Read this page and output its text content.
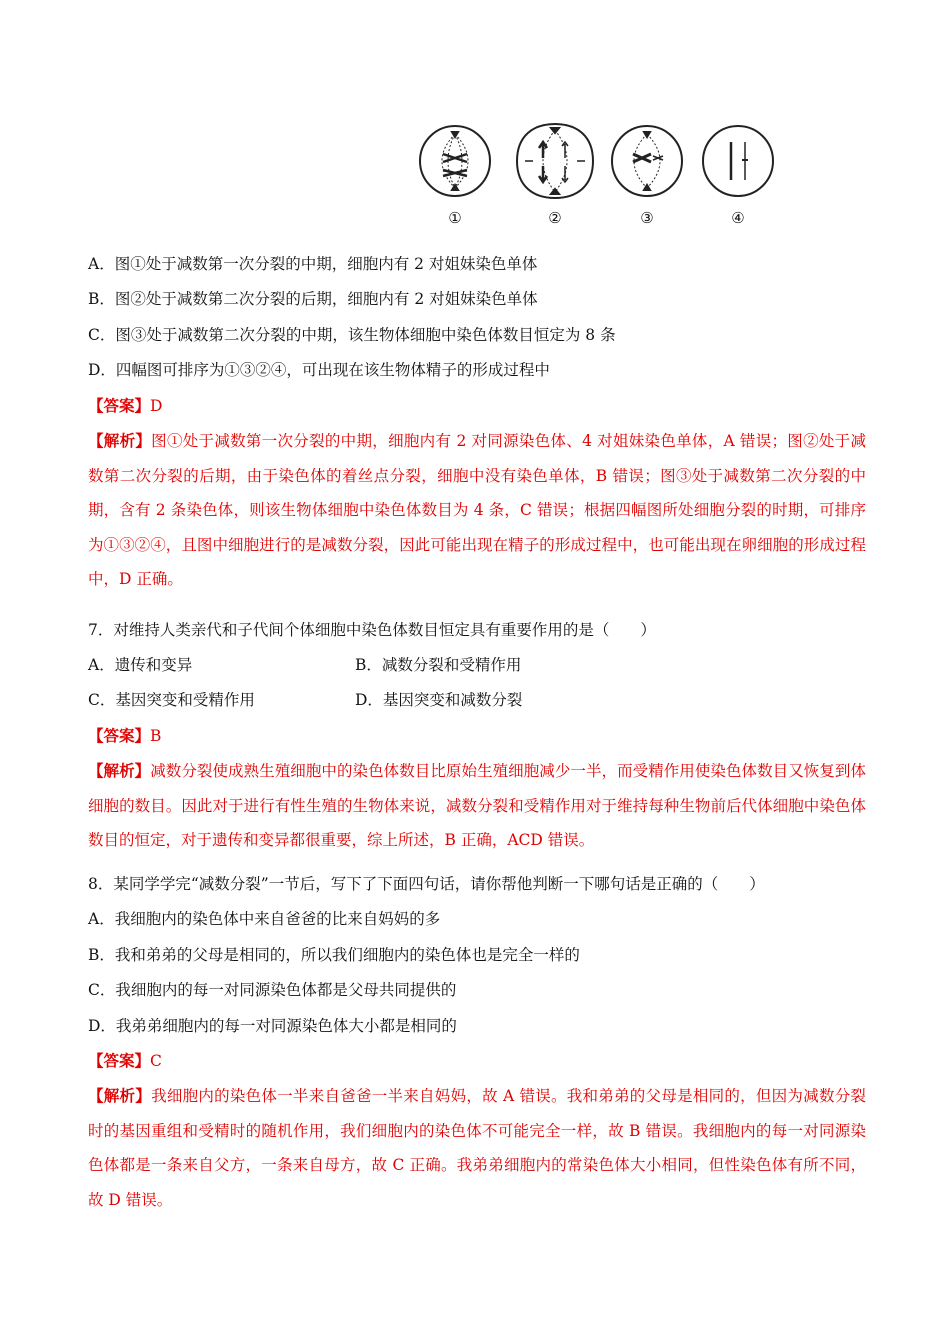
①	②	③	④
A．图①处于减数第一次分裂的中期，细胞内有 2 对姐妹染色单体
B．图②处于减数第二次分裂的后期，细胞内有 2 对姐妹染色单体
C．图③处于减数第二次分裂的中期，该生物体细胞中染色体数目恒定为 8 条
D．四幅图可排序为①③②④，可出现在该生物体精子的形成过程中
【答案】D
【解析】图①处于减数第一次分裂的中期，细胞内有 2 对同源染色体、4 对姐妹染色单体，A 错误；图②处于减数第二次分裂的后期，由于染色体的着丝点分裂，细胞中没有染色单体，B 错误；图③处于减数第二次分裂的中期，含有 2 条染色体，则该生物体细胞中染色体数目为 4 条，C 错误；根据四幅图所处细胞分裂的时期，可排序为①③②④，且图中细胞进行的是减数分裂，因此可能出现在精子的形成过程中，也可能出现在卵细胞的形成过程中，D 正确。
7．对维持人类亲代和子代间个体细胞中染色体数目恒定具有重要作用的是（　　）
A．遗传和变异	B．减数分裂和受精作用
C．基因突变和受精作用	D．基因突变和减数分裂
【答案】B
【解析】减数分裂使成熟生殖细胞中的染色体数目比原始生殖细胞减少一半，而受精作用使染色体数目又恢复到体细胞的数目。因此对于进行有性生殖的生物体来说，减数分裂和受精作用对于维持每种生物前后代体细胞中染色体数目的恒定，对于遗传和变异都很重要，综上所述，B 正确，ACD 错误。
8．某同学学完“减数分裂”一节后，写下了下面四句话，请你帮他判断一下哪句话是正确的（　　）
A．我细胞内的染色体中来自爸爸的比来自妈妈的多
B．我和弟弟的父母是相同的，所以我们细胞内的染色体也是完全一样的
C．我细胞内的每一对同源染色体都是父母共同提供的
D．我弟弟细胞内的每一对同源染色体大小都是相同的
【答案】C
【解析】我细胞内的染色体一半来自爸爸一半来自妈妈，故 A 错误。我和弟弟的父母是相同的，但因为减数分裂时的基因重组和受精时的随机作用，我们细胞内的染色体不可能完全一样，故 B 错误。我细胞内的每一对同源染色体都是一条来自父方，一条来自母方，故 C 正确。我弟弟细胞内的常染色体大小相同，但性染色体有所不同，故 D 错误。
